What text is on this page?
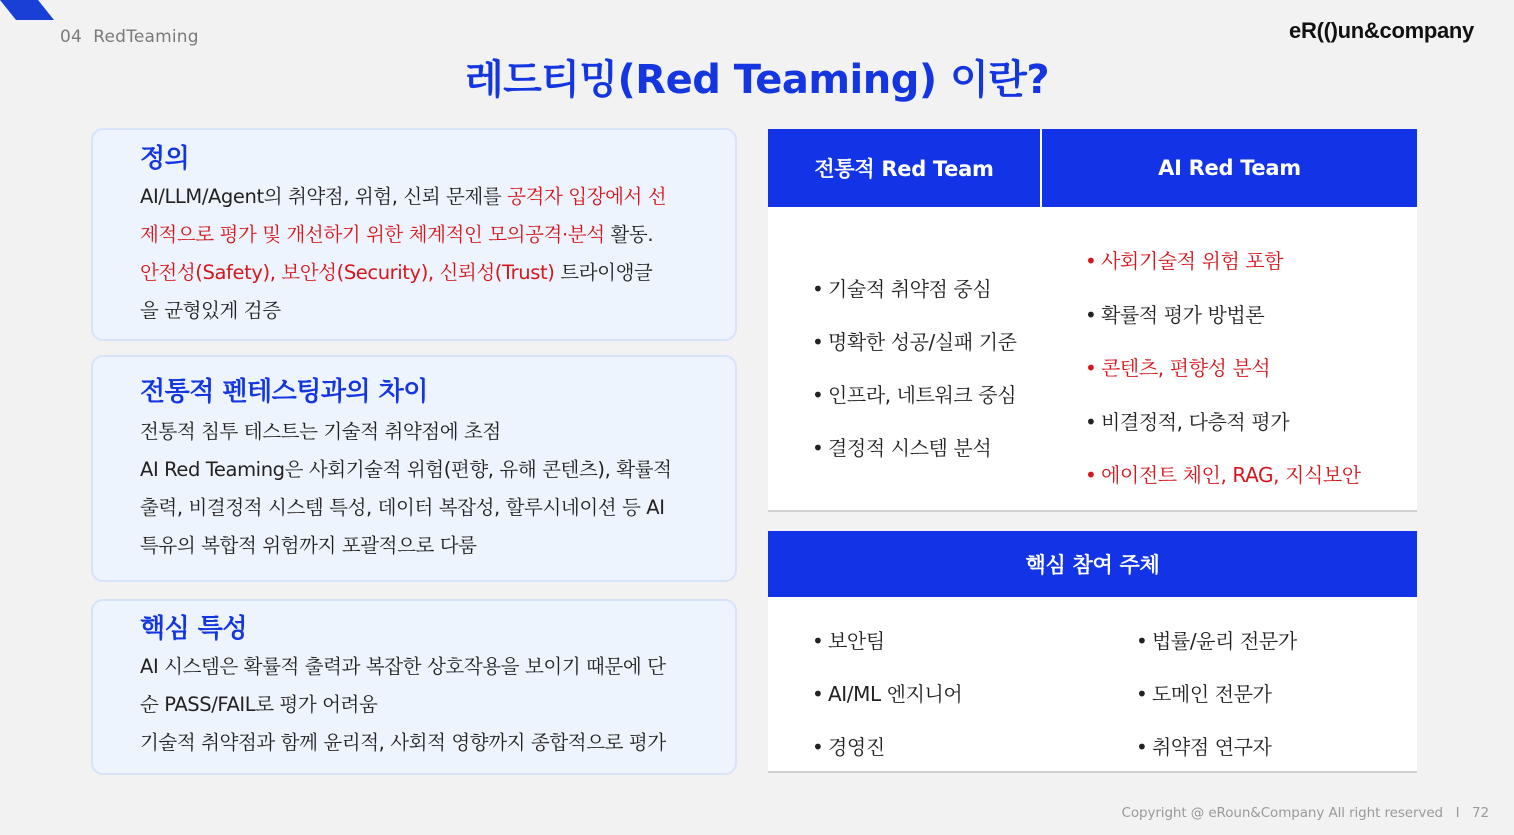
04  RedTeaming	eR(()un&company
레드티밍(Red Teaming) 이란?
정의
AI/LLM/Agent의 취약점, 위험, 신뢰 문제를 공격자 입장에서 선
제적으로 평가 및 개선하기 위한 체계적인 모의공격·분석 활동.
안전성(Safety), 보안성(Security), 신뢰성(Trust) 트라이앵글
을 균형있게 검증
전통적 펜테스팅과의 차이
전통적 침투 테스트는 기술적 취약점에 초점
AI Red Teaming은 사회기술적 위험(편향, 유해 콘텐츠), 확률적
출력, 비결정적 시스템 특성, 데이터 복잡성, 할루시네이션 등 AI
특유의 복합적 위험까지 포괄적으로 다룸
핵심 특성
AI 시스템은 확률적 출력과 복잡한 상호작용을 보이기 때문에 단
순 PASS/FAIL로 평가 어려움
기술적 취약점과 함께 윤리적, 사회적 영향까지 종합적으로 평가
전통적 Red Team	AI Red Team
• 기술적 취약점 중심
• 명확한 성공/실패 기준
• 인프라, 네트워크 중심
• 결정적 시스템 분석
• 사회기술적 위험 포함
• 확률적 평가 방법론
• 콘텐츠, 편향성 분석
• 비결정적, 다층적 평가
• 에이전트 체인, RAG, 지식보안
핵심 참여 주체
• 보안팀
• AI/ML 엔지니어
• 경영진
• 법률/윤리 전문가
• 도메인 전문가
• 취약점 연구자
Copyright @ eRoun&Company All right reserved   I   72
